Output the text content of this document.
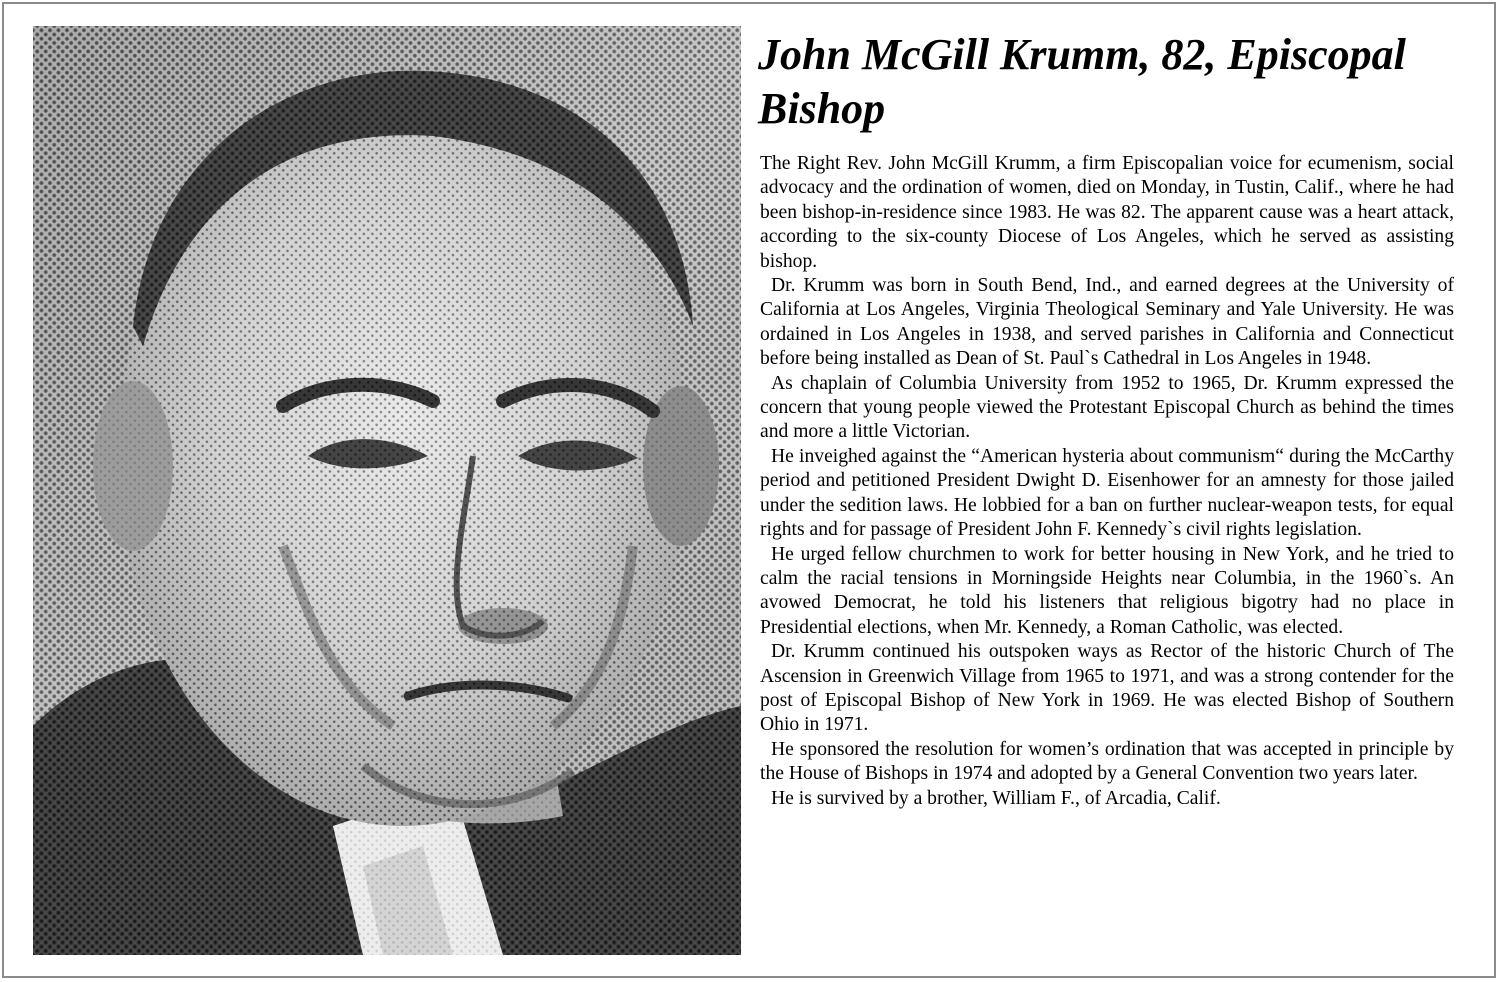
John McGill Krumm, 82, Episcopal Bishop

The Right Rev. John McGill Krumm, a firm Episcopalian voice for ecumenism, social advocacy and the ordination of women, died on Monday, in Tustin, Calif., where he had been bishop-in-residence since 1983. He was 82. The apparent cause was a heart attack, according to the six-county Diocese of Los Angeles, which he served as assisting bishop.

Dr. Krumm was born in South Bend, Ind., and earned degrees at the University of California at Los Angeles, Virginia Theological Seminary and Yale University. He was ordained in Los Angeles in 1938, and served parishes in California and Connecticut before being installed as Dean of St. Paul`s Cathedral in Los Angeles in 1948.

As chaplain of Columbia University from 1952 to 1965, Dr. Krumm expressed the concern that young people viewed the Protestant Episcopal Church as behind the times and more a little Victorian.

He inveighed against the “American hysteria about communism“ during the McCarthy period and petitioned President Dwight D. Eisenhower for an amnesty for those jailed under the sedition laws. He lobbied for a ban on further nuclear-weapon tests, for equal rights and for passage of President John F. Kennedy`s civil rights legislation.

He urged fellow churchmen to work for better housing in New York, and he tried to calm the racial tensions in Morningside Heights near Columbia, in the 1960`s. An avowed Democrat, he told his listeners that religious bigotry had no place in Presidential elections, when Mr. Kennedy, a Roman Catholic, was elected.

Dr. Krumm continued his outspoken ways as Rector of the historic Church of The Ascension in Greenwich Village from 1965 to 1971, and was a strong contender for the post of Episcopal Bishop of New York in 1969. He was elected Bishop of Southern Ohio in 1971.

He sponsored the resolution for women’s ordination that was accepted in principle by the House of Bishops in 1974 and adopted by a General Convention two years later.

He is survived by a brother, William F., of Arcadia, Calif.
